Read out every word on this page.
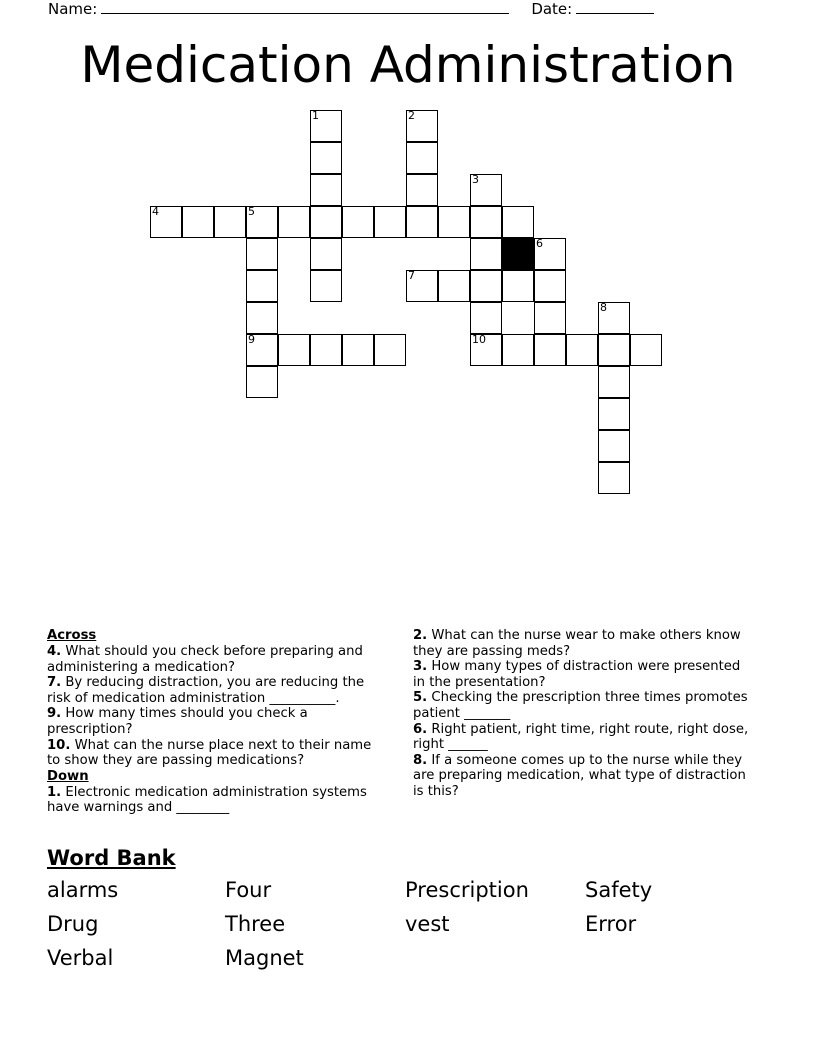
Name:	Date:
Medication Administration
1	2
3
4	5
6
7
8
9	10
Across

4. What should you check before preparing and administering a medication?

7. By reducing distraction, you are reducing the risk of medication administration __________.

9. How many times should you check a prescription?

10. What can the nurse place next to their name to show they are passing medications?

Down

1. Electronic medication administration systems have warnings and ________

2. What can the nurse wear to make others know they are passing meds?

3. How many types of distraction were presented in the presentation?

5. Checking the prescription three times promotes patient _______

6. Right patient, right time, right route, right dose, right ______

8. If a someone comes up to the nurse while they are preparing medication, what type of distraction is this?

Word Bank
alarms	Four	Prescription	Safety
Drug	Three	vest	Error
Verbal	Magnet
